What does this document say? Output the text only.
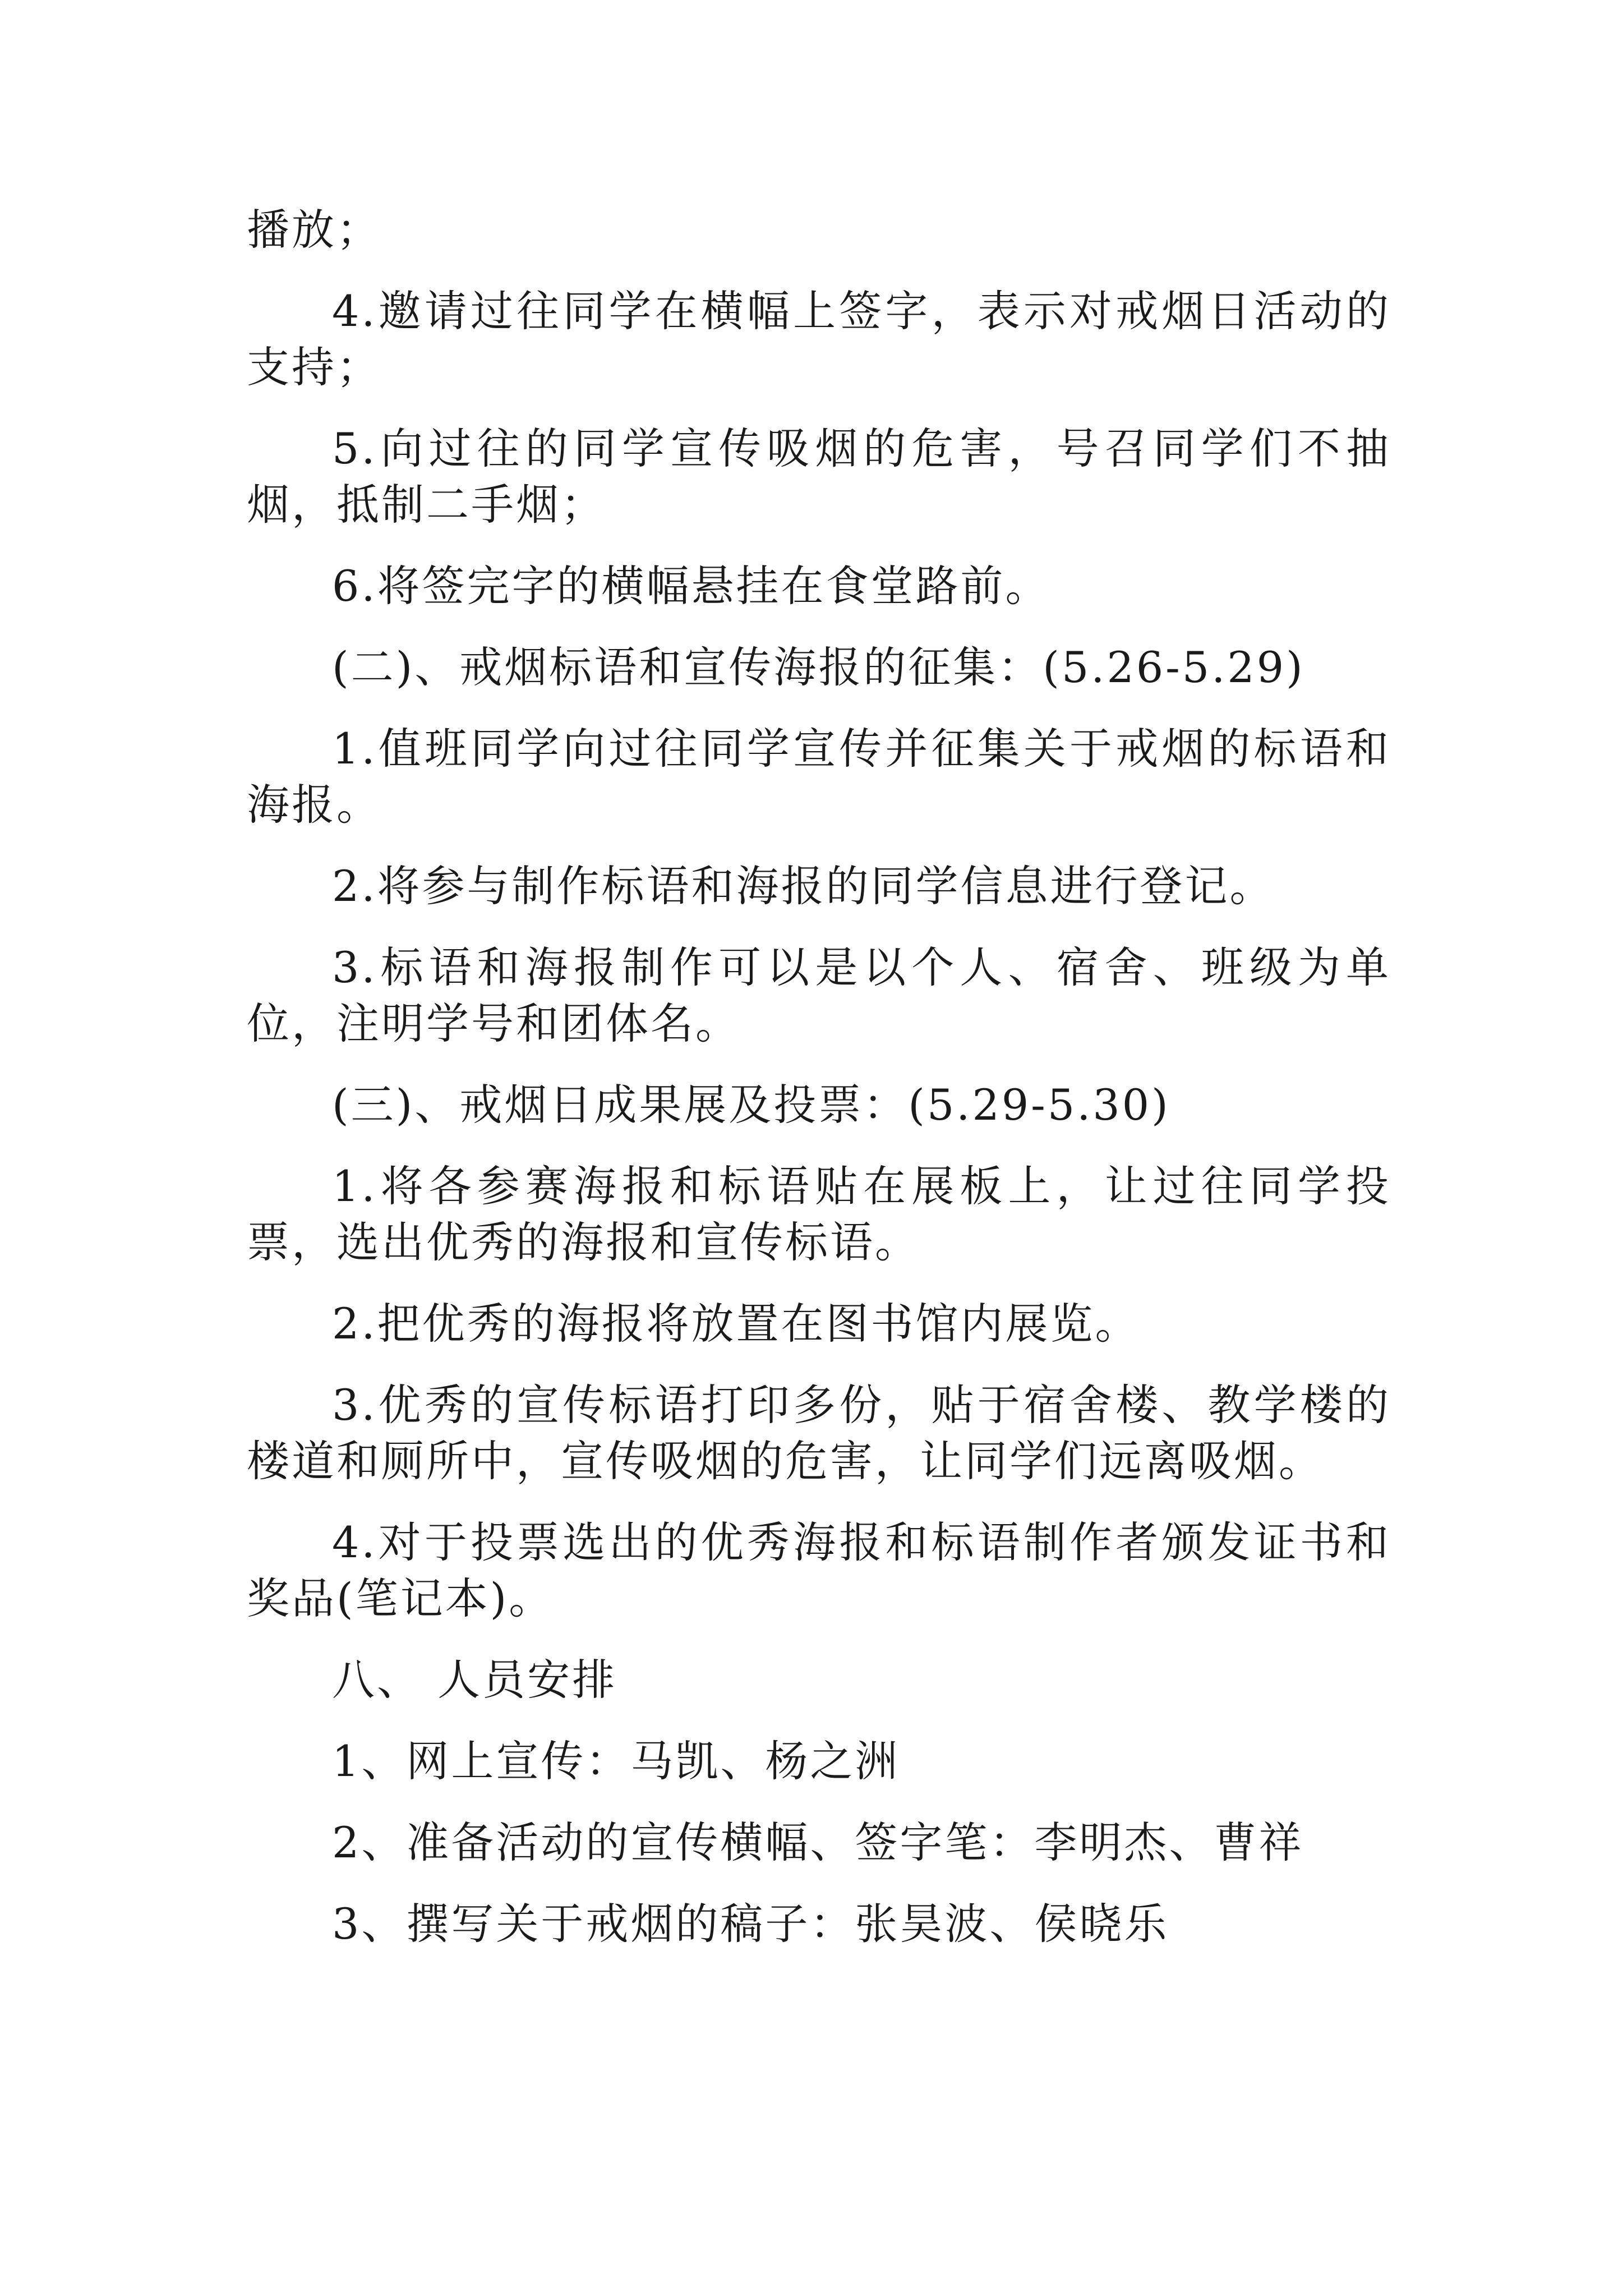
播放；

4.邀请过往同学在横幅上签字，表示对戒烟日活动的支持；

5.向过往的同学宣传吸烟的危害，号召同学们不抽烟，抵制二手烟；

6.将签完字的横幅悬挂在食堂路前。

(二)、戒烟标语和宣传海报的征集：(5.26-5.29)

1.值班同学向过往同学宣传并征集关于戒烟的标语和海报。

2.将参与制作标语和海报的同学信息进行登记。

3.标语和海报制作可以是以个人、宿舍、班级为单位，注明学号和团体名。

(三)、戒烟日成果展及投票：(5.29-5.30)

1.将各参赛海报和标语贴在展板上，让过往同学投票，选出优秀的海报和宣传标语。

2.把优秀的海报将放置在图书馆内展览。

3.优秀的宣传标语打印多份，贴于宿舍楼、教学楼的楼道和厕所中，宣传吸烟的危害，让同学们远离吸烟。

4.对于投票选出的优秀海报和标语制作者颁发证书和奖品(笔记本)。

八、 人员安排

1、网上宣传：马凯、杨之洲

2、准备活动的宣传横幅、签字笔：李明杰、曹祥

3、撰写关于戒烟的稿子：张昊波、侯晓乐
